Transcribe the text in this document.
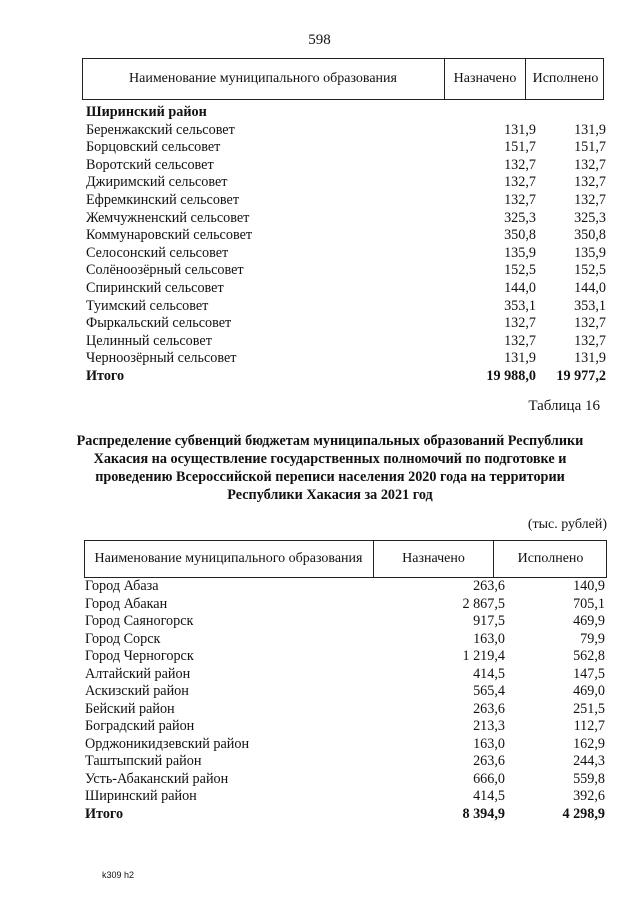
598
Наименование муниципального образования	Назначено	Исполнено
Ширинский район
Беренжакский сельсовет	131,9	131,9
Борцовский сельсовет	151,7	151,7
Воротский сельсовет	132,7	132,7
Джиримский сельсовет	132,7	132,7
Ефремкинский сельсовет	132,7	132,7
Жемчужненский сельсовет	325,3	325,3
Коммунаровский сельсовет	350,8	350,8
Селосонский сельсовет	135,9	135,9
Солёноозёрный сельсовет	152,5	152,5
Спиринский сельсовет	144,0	144,0
Туимский сельсовет	353,1	353,1
Фыркальский сельсовет	132,7	132,7
Целинный сельсовет	132,7	132,7
Черноозёрный сельсовет	131,9	131,9
Итого	19 988,0	19 977,2
Таблица 16
Распределение субвенций бюджетам муниципальных образований Республики Хакасия на осуществление государственных полномочий по подготовке и проведению Всероссийской переписи населения 2020 года на территории Республики Хакасия за 2021 год
(тыс. рублей)
Наименование муниципального образования	Назначено	Исполнено
Город Абаза	263,6	140,9
Город Абакан	2 867,5	705,1
Город Саяногорск	917,5	469,9
Город Сорск	163,0	79,9
Город Черногорск	1 219,4	562,8
Алтайский район	414,5	147,5
Аскизский район	565,4	469,0
Бейский район	263,6	251,5
Боградский район	213,3	112,7
Орджоникидзевский район	163,0	162,9
Таштыпский район	263,6	244,3
Усть-Абаканский район	666,0	559,8
Ширинский район	414,5	392,6
Итого	8 394,9	4 298,9
k309 h2
